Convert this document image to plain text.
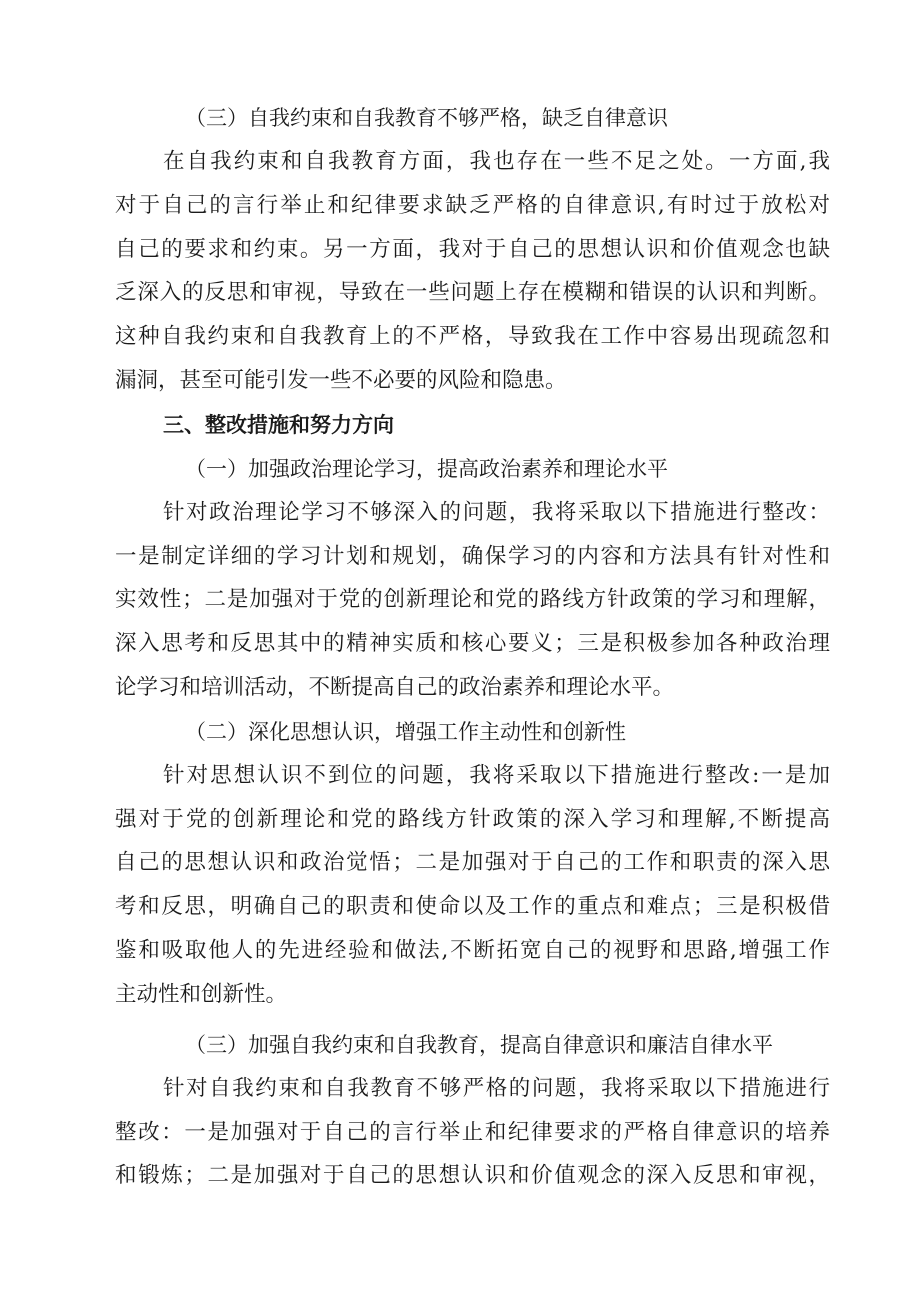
（三）自我约束和自我教育不够严格，缺乏自律意识
在自我约束和自我教育方面，我也存在一些不足之处。一方面,我
对于自己的言行举止和纪律要求缺乏严格的自律意识,有时过于放松对
自己的要求和约束。另一方面，我对于自己的思想认识和价值观念也缺
乏深入的反思和审视，导致在一些问题上存在模糊和错误的认识和判断。
这种自我约束和自我教育上的不严格，导致我在工作中容易出现疏忽和
漏洞，甚至可能引发一些不必要的风险和隐患。
三、整改措施和努力方向
（一）加强政治理论学习，提高政治素养和理论水平
针对政治理论学习不够深入的问题，我将采取以下措施进行整改：
一是制定详细的学习计划和规划，确保学习的内容和方法具有针对性和
实效性；二是加强对于党的创新理论和党的路线方针政策的学习和理解，
深入思考和反思其中的精神实质和核心要义；三是积极参加各种政治理
论学习和培训活动，不断提高自己的政治素养和理论水平。
（二）深化思想认识，增强工作主动性和创新性
针对思想认识不到位的问题，我将采取以下措施进行整改:一是加
强对于党的创新理论和党的路线方针政策的深入学习和理解,不断提高
自己的思想认识和政治觉悟；二是加强对于自己的工作和职责的深入思
考和反思，明确自己的职责和使命以及工作的重点和难点；三是积极借
鉴和吸取他人的先进经验和做法,不断拓宽自己的视野和思路,增强工作
主动性和创新性。
（三）加强自我约束和自我教育，提高自律意识和廉洁自律水平
针对自我约束和自我教育不够严格的问题，我将采取以下措施进行
整改：一是加强对于自己的言行举止和纪律要求的严格自律意识的培养
和锻炼；二是加强对于自己的思想认识和价值观念的深入反思和审视，
